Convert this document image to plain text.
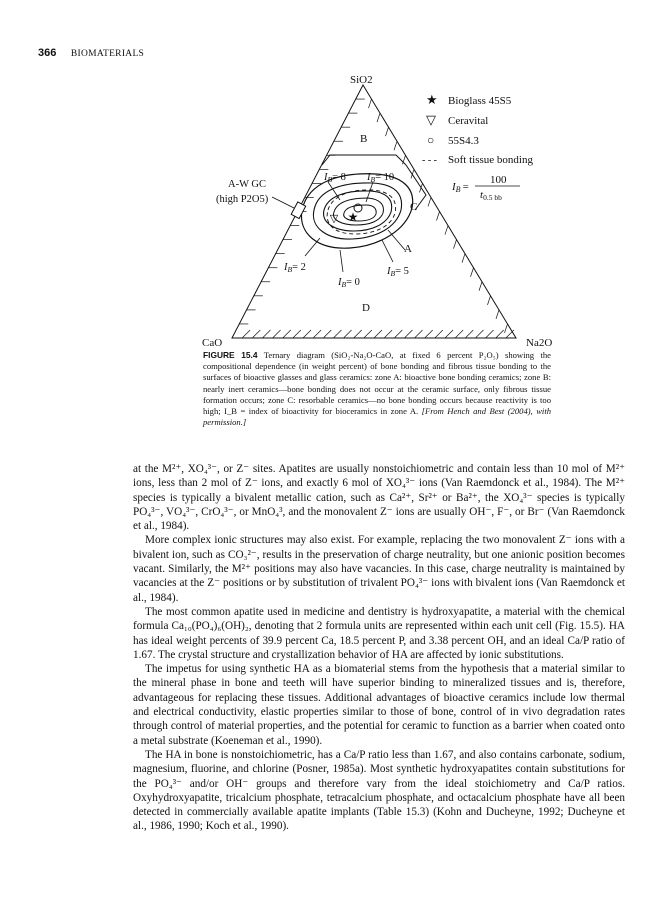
366 BIOMATERIALS
★
▽
SiO2
CaO	Na2O
B
C
A
D
A-W GC
(high P2O5)
IB= 8 IB= 10
IB= 2	IB= 5
IB= 0
★ Bioglass 45S5
▽ Ceravital
○ 55S4.3
- - - Soft tissue bonding
IB =
100
t0.5 bb
FIGURE 15.4 Ternary diagram (SiO₂-Na₂O-CaO, at fixed 6 percent P₂O₅) showing the compositional dependence (in weight percent) of bone bonding and fibrous tissue bonding to the surfaces of bioactive glasses and glass ceramics: zone A: bioactive bone bonding ceramics; zone B: nearly inert ceramics—bone bonding does not occur at the ceramic surface, only fibrous tissue formation occurs; zone C: resorbable ceramics—no bone bonding occurs because reactivity is too high; I_B = index of bioactivity for bioceramics in zone A. [From Hench and Best (2004), with permission.]

at the M²⁺, XO₄³⁻, or Z⁻ sites. Apatites are usually nonstoichiometric and contain less than 10 mol of M²⁺ ions, less than 2 mol of Z⁻ ions, and exactly 6 mol of XO₄³⁻ ions (Van Raemdonck et al., 1984). The M²⁺ species is typically a bivalent metallic cation, such as Ca²⁺, Sr²⁺ or Ba²⁺, the XO₄³⁻ species is typically PO₄³⁻, VO₄³⁻, CrO₄³⁻, or MnO₄³, and the monovalent Z⁻ ions are usually OH⁻, F⁻, or Br⁻ (Van Raemdonck et al., 1984).

More complex ionic structures may also exist. For example, replacing the two monovalent Z⁻ ions with a bivalent ion, such as CO₃²⁻, results in the preservation of charge neutrality, but one anionic position becomes vacant. Similarly, the M²⁺ positions may also have vacancies. In this case, charge neutrality is maintained by vacancies at the Z⁻ positions or by substitution of trivalent PO₄³⁻ ions with bivalent ions (Van Raemdonck et al., 1984).

The most common apatite used in medicine and dentistry is hydroxyapatite, a material with the chemical formula Ca₁₀(PO₄)₆(OH)₂, denoting that 2 formula units are represented within each unit cell (Fig. 15.5). HA has ideal weight percents of 39.9 percent Ca, 18.5 percent P, and 3.38 percent OH, and an ideal Ca/P ratio of 1.67. The crystal structure and crystallization behavior of HA are affected by ionic substitutions.

The impetus for using synthetic HA as a biomaterial stems from the hypothesis that a material similar to the mineral phase in bone and teeth will have superior binding to mineralized tissues and is, therefore, advantageous for replacing these tissues. Additional advantages of bioactive ceramics include low thermal and electrical conductivity, elastic properties similar to those of bone, control of in vivo degradation rates through control of material properties, and the potential for ceramic to function as a barrier when coated onto a metal substrate (Koeneman et al., 1990).

The HA in bone is nonstoichiometric, has a Ca/P ratio less than 1.67, and also contains carbonate, sodium, magnesium, fluorine, and chlorine (Posner, 1985a). Most synthetic hydroxyapatites contain substitutions for the PO₄³⁻ and/or OH⁻ groups and therefore vary from the ideal stoichiometry and Ca/P ratios. Oxyhydroxyapatite, tricalcium phosphate, tetracalcium phosphate, and octacalcium phosphate have all been detected in commercially available apatite implants (Table 15.3) (Kohn and Ducheyne, 1992; Ducheyne et al., 1986, 1990; Koch et al., 1990).
